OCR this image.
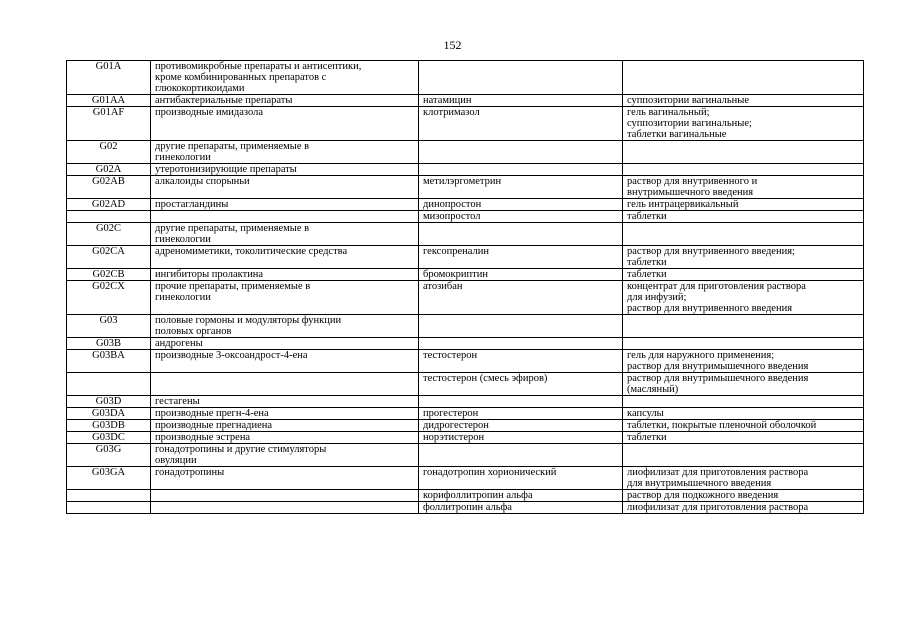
152
G01A	противомикробные препараты и антисептики,
кроме комбинированных препаратов с
глюкокортикоидами		
G01AA	антибактериальные препараты	натамицин	суппозитории вагинальные
G01AF	производные имидазола	клотримазол	гель вагинальный;
суппозитории вагинальные;
таблетки вагинальные
G02	другие препараты, применяемые в
гинекологии		
G02A	утеротонизирующие препараты		
G02AB	алкалоиды спорыньи	метилэргометрин	раствор для внутривенного и
внутримышечного введения
G02AD	простагландины	динопростон	гель интрацервикальный
		мизопростол	таблетки
G02C	другие препараты, применяемые в
гинекологии		
G02CA	адреномиметики, токолитические средства	гексопреналин	раствор для внутривенного введения;
таблетки
G02CB	ингибиторы пролактина	бромокриптин	таблетки
G02CX	прочие препараты, применяемые в
гинекологии	атозибан	концентрат для приготовления раствора
для инфузий;
раствор для внутривенного введения
G03	половые гормоны и модуляторы функции
половых органов		
G03B	андрогены		
G03BA	производные 3-оксоандрост-4-ена	тестостерон	гель для наружного применения;
раствор для внутримышечного введения
		тестостерон (смесь эфиров)	раствор для внутримышечного введения
(масляный)
G03D	гестагены		
G03DA	производные прегн-4-ена	прогестерон	капсулы
G03DB	производные прегнадиена	дидрогестерон	таблетки, покрытые пленочной оболочкой
G03DC	производные эстрена	норэтистерон	таблетки
G03G	гонадотропины и другие стимуляторы
овуляции		
G03GA	гонадотропины	гонадотропин хорионический	лиофилизат для приготовления раствора
для внутримышечного введения
		корифоллитропин альфа	раствор для подкожного введения
		фоллитропин альфа	лиофилизат для приготовления раствора
